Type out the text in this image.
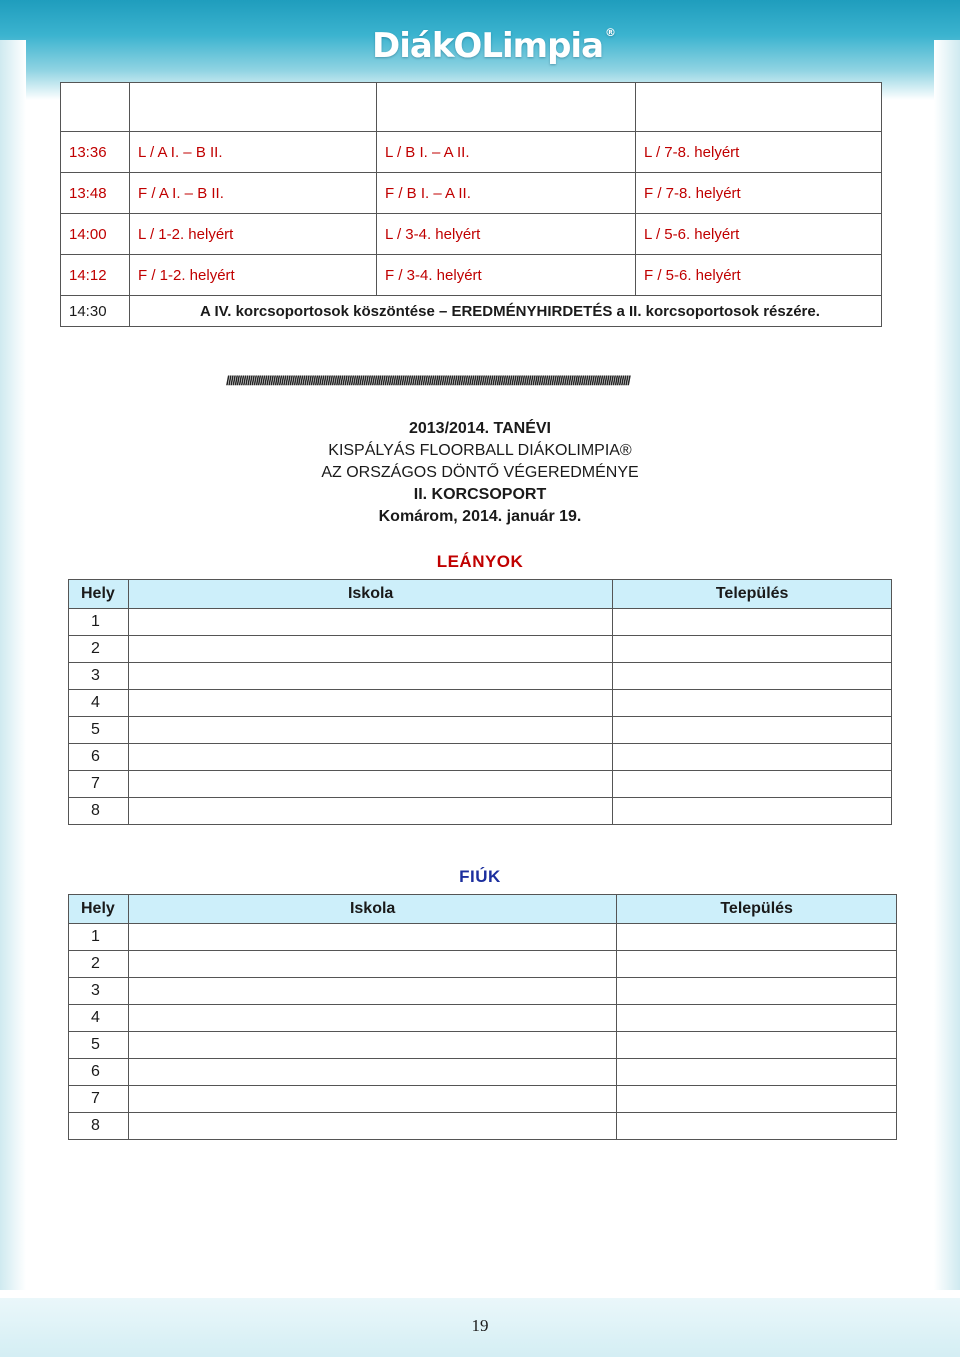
DiákOLimpia ®

13:36	L / A I. – B II.	L / B I. – A II.	L / 7-8. helyért
13:48	F / A I. – B II.	F / B I. – A II.	F / 7-8. helyért
14:00	L / 1-2. helyért	L / 3-4. helyért	L / 5-6. helyért
14:12	F / 1-2. helyért	F / 3-4. helyért	F / 5-6. helyért
14:30	A IV. korcsoportosok köszöntése – EREDMÉNYHIRDETÉS a II. korcsoportosok részére.		
///////////////////////////////////////////////////////////////////////////////////////////////////////////////////////////////////////////////////////////////////////////////////////////////
2013/2014. TANÉVI
KISPÁLYÁS FLOORBALL DIÁKOLIMPIA®
AZ ORSZÁGOS DÖNTŐ VÉGEREDMÉNYE
II. KORCSOPORT
Komárom, 2014. január 19.
LEÁNYOK
Hely	Iskola	Település
1		
2		
3		
4		
5		
6		
7		
8		
FIÚK
Hely	Iskola	Település
1		
2		
3		
4		
5		
6		
7		
8		
19
